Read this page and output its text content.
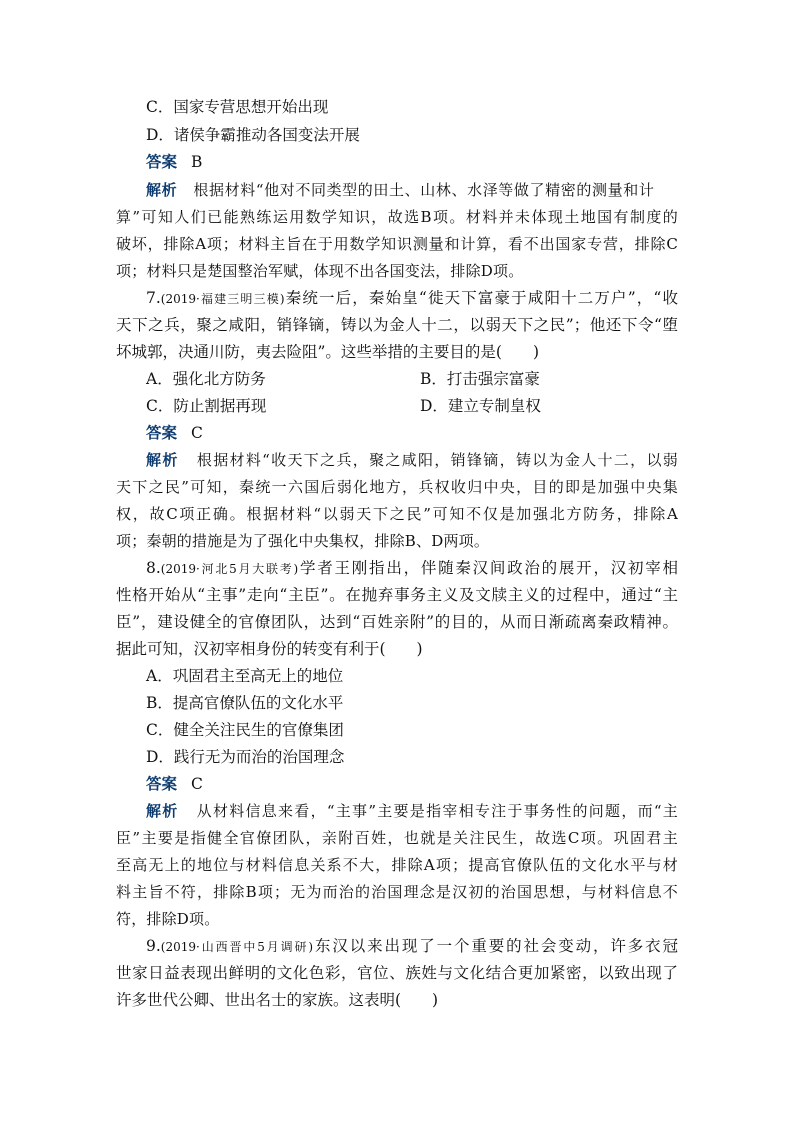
C．国家专营思想开始出现
D．诸侯争霸推动各国变法开展
答案 B
解析 根据材料“他对不同类型的田土、山林、水泽等做了精密的测量和计
算”可知人们已能熟练运用数学知识，故选B项。材料并未体现土地国有制度的
破坏，排除A项；材料主旨在于用数学知识测量和计算，看不出国家专营，排除C
项；材料只是楚国整治军赋，体现不出各国变法，排除D项。
7.(2019·福建三明三模)秦统一后，秦始皇“徙天下富豪于咸阳十二万户”，“收
天下之兵，聚之咸阳，销锋镝，铸以为金人十二，以弱天下之民”；他还下令“堕
坏城郭，决通川防，夷去险阻”。这些举措的主要目的是(　　)
A．强化北方防务	B．打击强宗富豪
C．防止割据再现	D．建立专制皇权
答案 C
解析 根据材料“收天下之兵，聚之咸阳，销锋镝，铸以为金人十二，以弱
天下之民”可知，秦统一六国后弱化地方，兵权收归中央，目的即是加强中央集
权，故C项正确。根据材料“以弱天下之民”可知不仅是加强北方防务，排除A
项；秦朝的措施是为了强化中央集权，排除B、D两项。
8.(2019·河北5月大联考)学者王刚指出，伴随秦汉间政治的展开，汉初宰相
性格开始从“主事”走向“主臣”。在抛弃事务主义及文牍主义的过程中，通过“主
臣”，建设健全的官僚团队，达到“百姓亲附”的目的，从而日渐疏离秦政精神。
据此可知，汉初宰相身份的转变有利于(　　)
A．巩固君主至高无上的地位
B．提高官僚队伍的文化水平
C．健全关注民生的官僚集团
D．践行无为而治的治国理念
答案 C
解析 从材料信息来看，“主事”主要是指宰相专注于事务性的问题，而“主
臣”主要是指健全官僚团队，亲附百姓，也就是关注民生，故选C项。巩固君主
至高无上的地位与材料信息关系不大，排除A项；提高官僚队伍的文化水平与材
料主旨不符，排除B项；无为而治的治国理念是汉初的治国思想，与材料信息不
符，排除D项。
9.(2019·山西晋中5月调研)东汉以来出现了一个重要的社会变动，许多衣冠
世家日益表现出鲜明的文化色彩，官位、族姓与文化结合更加紧密，以致出现了
许多世代公卿、世出名士的家族。这表明(　　)
